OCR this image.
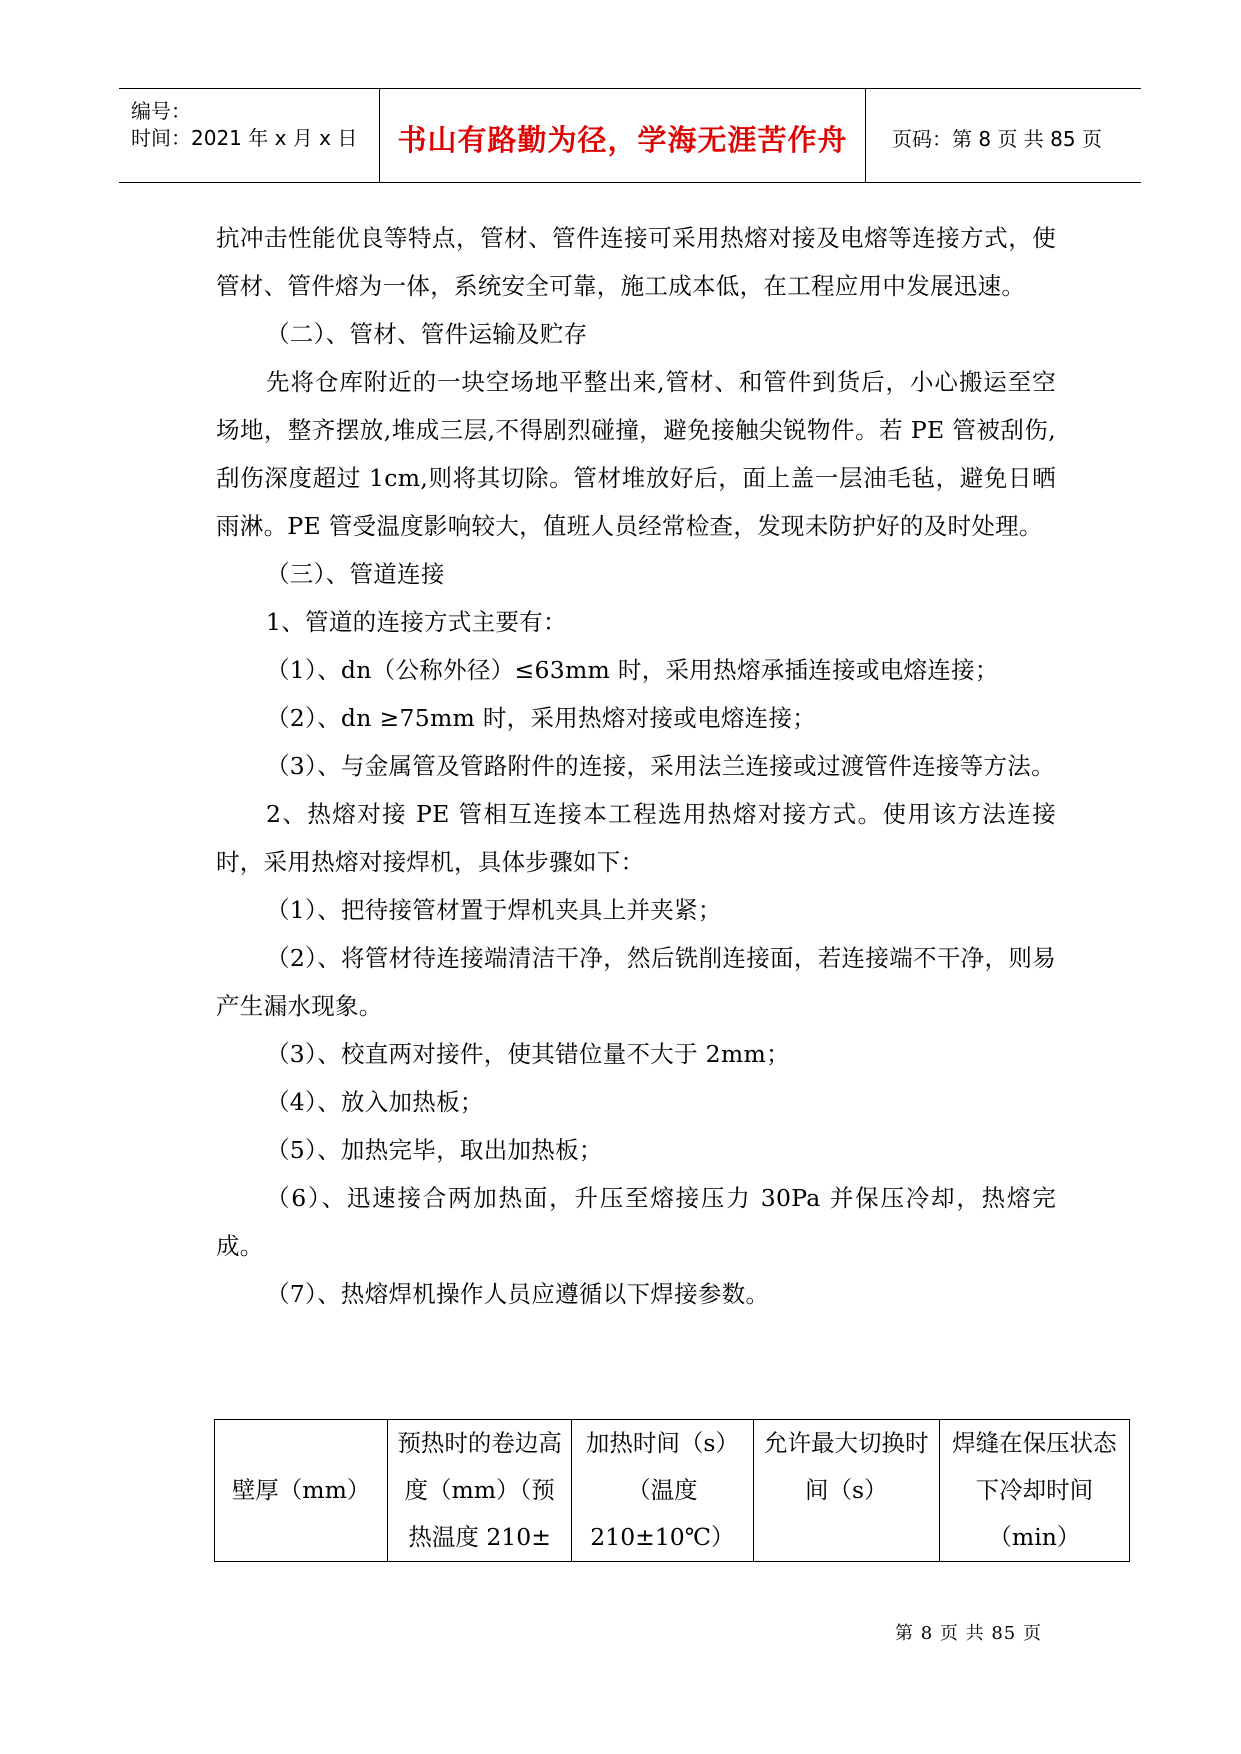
编号：
时间：2021 年 x 月 x 日	书山有路勤为径，学海无涯苦作舟	页码：第 8 页 共 85 页

抗冲击性能优良等特点，管材、管件连接可采用热熔对接及电熔等连接方式，使管材、管件熔为一体，系统安全可靠，施工成本低，在工程应用中发展迅速。

（二）、管材、管件运输及贮存

先将仓库附近的一块空场地平整出来,管材、和管件到货后，小心搬运至空场地，整齐摆放,堆成三层,不得剧烈碰撞，避免接触尖锐物件。若 PE 管被刮伤,刮伤深度超过 1cm,则将其切除。管材堆放好后，面上盖一层油毛毡，避免日晒雨淋。PE 管受温度影响较大，值班人员经常检查，发现未防护好的及时处理。

（三）、管道连接

1、管道的连接方式主要有：

（1）、dn（公称外径）≤63mm 时，采用热熔承插连接或电熔连接；

（2）、dn ≥75mm 时，采用热熔对接或电熔连接；

（3）、与金属管及管路附件的连接，采用法兰连接或过渡管件连接等方法。

2、热熔对接 PE 管相互连接本工程选用热熔对接方式。使用该方法连接时，采用热熔对接焊机，具体步骤如下：

（1）、把待接管材置于焊机夹具上并夹紧；

（2）、将管材待连接端清洁干净，然后铣削连接面，若连接端不干净，则易产生漏水现象。

（3）、校直两对接件，使其错位量不大于 2mm；

（4）、放入加热板；

（5）、加热完毕，取出加热板；

（6）、迅速接合两加热面，升压至熔接压力 30Pa 并保压冷却，热熔完成。

（7）、热熔焊机操作人员应遵循以下焊接参数。

壁厚（mm）	预热时的卷边高度（mm）（预热温度 210±	加热时间（s）（温度 210±10℃）	允许最大切换时间（s）	焊缝在保压状态下冷却时间（min）
第 8 页 共 85 页
